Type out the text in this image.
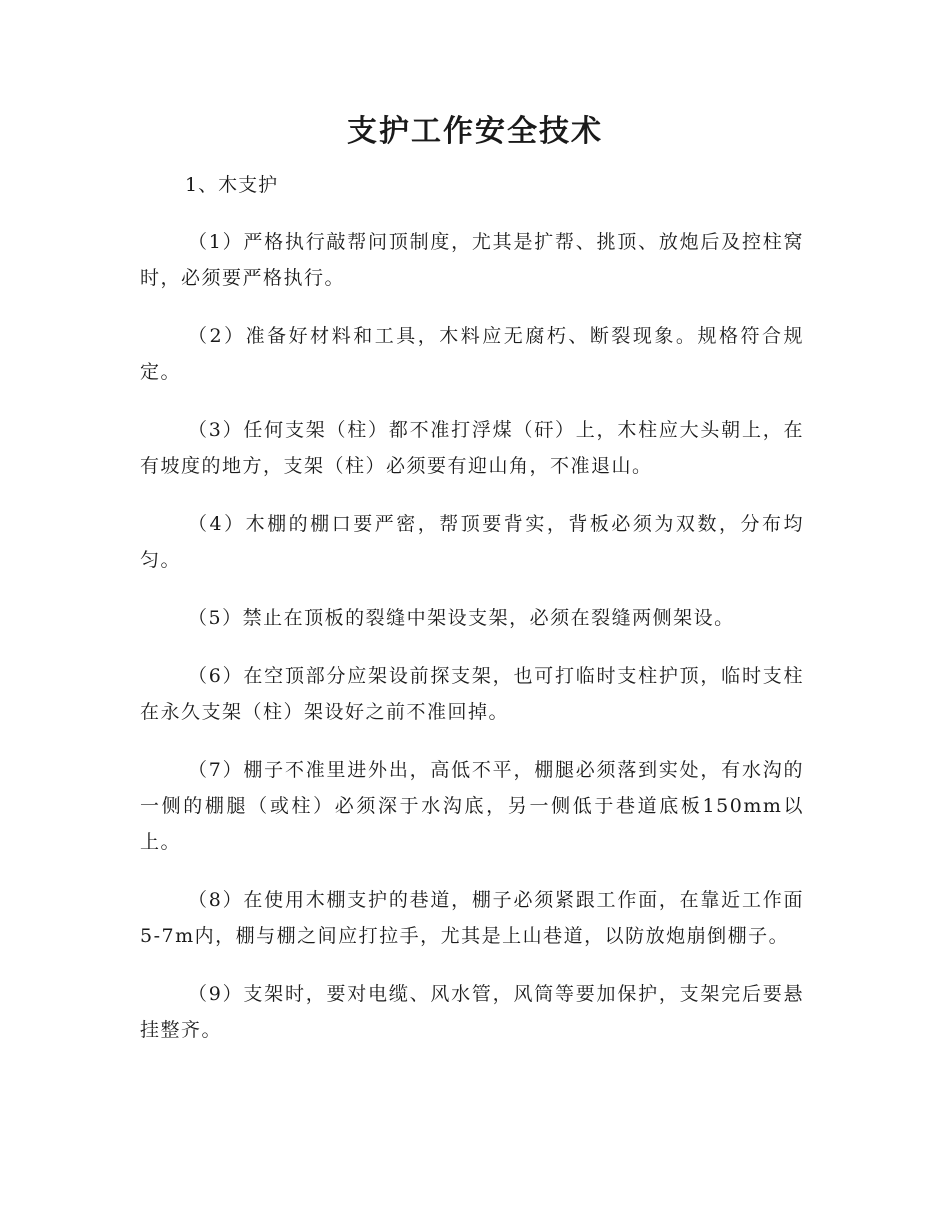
支护工作安全技术

1、木支护

（1）严格执行敲帮问顶制度，尤其是扩帮、挑顶、放炮后及控柱窝时，必须要严格执行。

（2）准备好材料和工具，木料应无腐朽、断裂现象。规格符合规定。

（3）任何支架（柱）都不准打浮煤（矸）上，木柱应大头朝上，在有坡度的地方，支架（柱）必须要有迎山角，不准退山。

（4）木棚的棚口要严密，帮顶要背实，背板必须为双数，分布均匀。

（5）禁止在顶板的裂缝中架设支架，必须在裂缝两侧架设。

（6）在空顶部分应架设前探支架，也可打临时支柱护顶，临时支柱在永久支架（柱）架设好之前不准回掉。

（7）棚子不准里进外出，高低不平，棚腿必须落到实处，有水沟的一侧的棚腿（或柱）必须深于水沟底，另一侧低于巷道底板150mm以上。

（8）在使用木棚支护的巷道，棚子必须紧跟工作面，在靠近工作面5-7m内，棚与棚之间应打拉手，尤其是上山巷道，以防放炮崩倒棚子。

（9）支架时，要对电缆、风水管，风筒等要加保护，支架完后要悬挂整齐。
